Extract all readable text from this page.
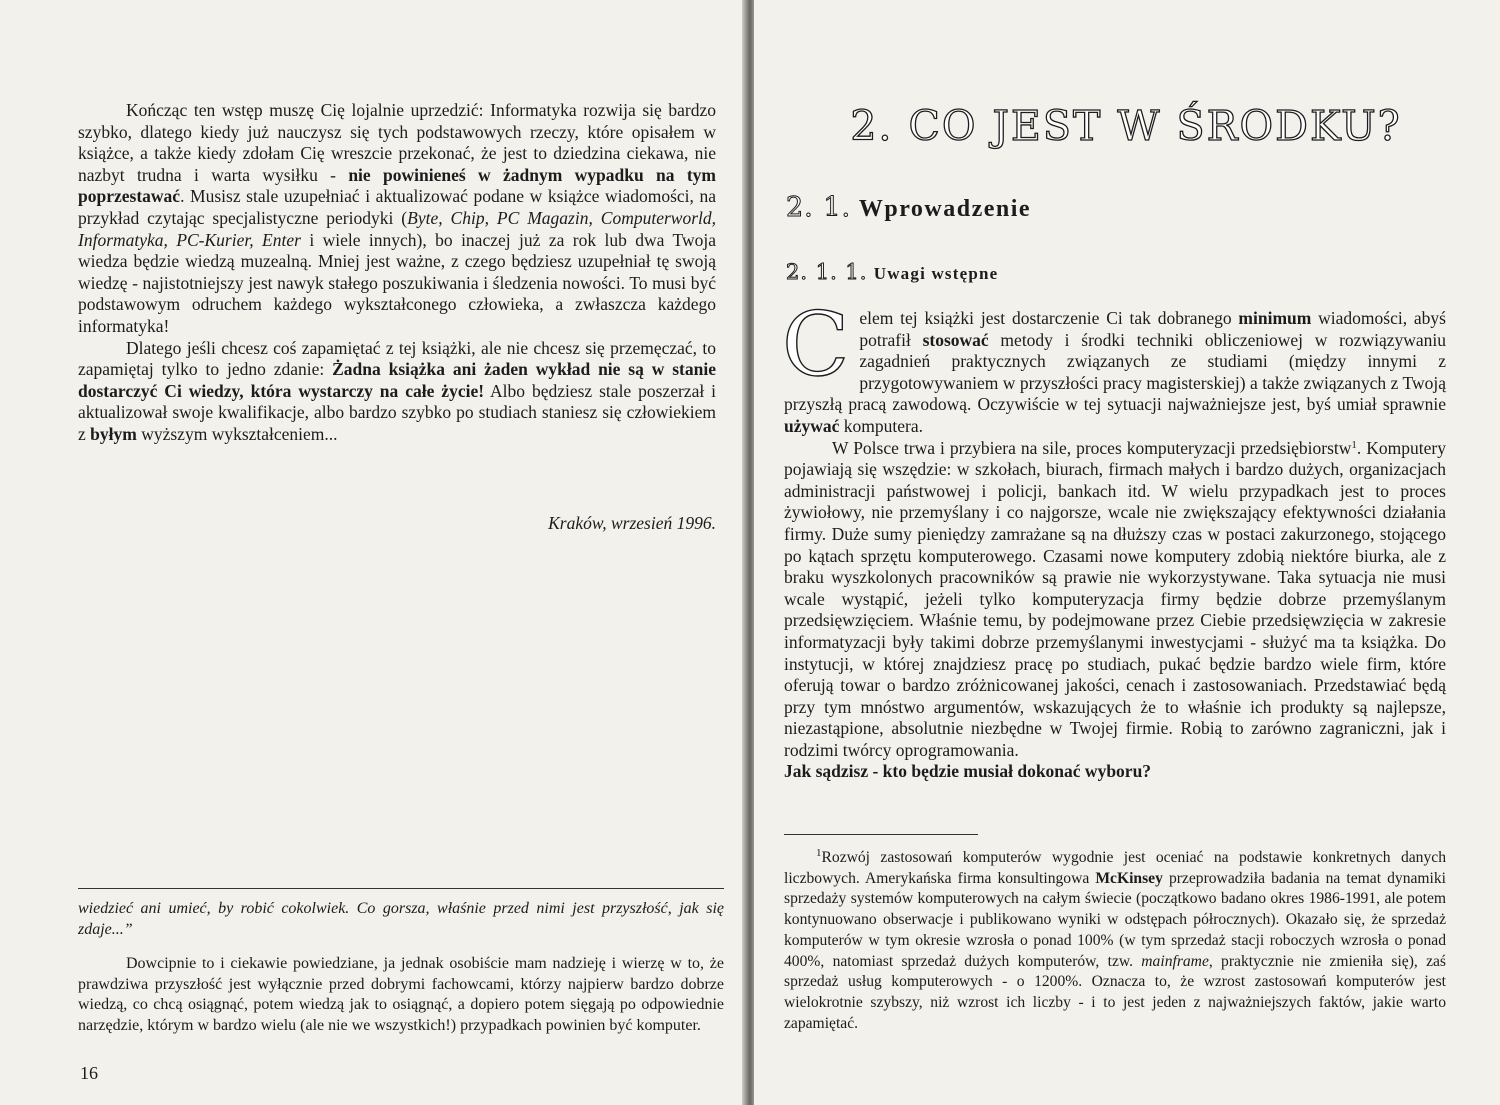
Kończąc ten wstęp muszę Cię lojalnie uprzedzić: Informatyka rozwija się bardzo szybko, dlatego kiedy już nauczysz się tych podstawowych rzeczy, które opisałem w książce, a także kiedy zdołam Cię wreszcie przekonać, że jest to dziedzina ciekawa, nie nazbyt trudna i warta wysiłku - nie powinieneś w żadnym wypadku na tym poprzestawać. Musisz stale uzupełniać i aktualizować podane w książce wiadomości, na przykład czytając specjalistyczne periodyki (Byte, Chip, PC Magazin, Computerworld, Informatyka, PC-Kurier, Enter i wiele innych), bo inaczej już za rok lub dwa Twoja wiedza będzie wiedzą muzealną. Mniej jest ważne, z czego będziesz uzupełniał tę swoją wiedzę - najistotniejszy jest nawyk stałego poszukiwania i śledzenia nowości. To musi być podstawowym odruchem każdego wykształconego człowieka, a zwłaszcza każdego informatyka!

Dlatego jeśli chcesz coś zapamiętać z tej książki, ale nie chcesz się przemęczać, to zapamiętaj tylko to jedno zdanie: Żadna książka ani żaden wykład nie są w stanie dostarczyć Ci wiedzy, która wystarczy na całe życie! Albo będziesz stale poszerzał i aktualizował swoje kwalifikacje, albo bardzo szybko po studiach staniesz się człowiekiem z byłym wyższym wykształceniem...

Kraków, wrzesień 1996.

wiedzieć ani umieć, by robić cokolwiek. Co gorsza, właśnie przed nimi jest przyszłość, jak się zdaje...”

Dowcipnie to i ciekawie powiedziane, ja jednak osobiście mam nadzieję i wierzę w to, że prawdziwa przyszłość jest wyłącznie przed dobrymi fachowcami, którzy najpierw bardzo dobrze wiedzą, co chcą osiągnąć, potem wiedzą jak to osiągnąć, a dopiero potem sięgają po odpowiednie narzędzie, którym w bardzo wielu (ale nie we wszystkich!) przypadkach powinien być komputer.

16
2. CO JEST W ŚRODKU?
2. 1. Wprowadzenie
2. 1. 1. Uwagi wstępne

Celem tej książki jest dostarczenie Ci tak dobranego minimum wiadomości, abyś potrafił stosować metody i środki techniki obliczeniowej w rozwiązywaniu zagadnień praktycznych związanych ze studiami (między innymi z przygotowywaniem w przyszłości pracy magisterskiej) a także związanych z Twoją przyszłą pracą zawodową. Oczywiście w tej sytuacji najważniejsze jest, byś umiał sprawnie używać komputera.

W Polsce trwa i przybiera na sile, proces komputeryzacji przedsiębiorstw$^1$. Komputery pojawiają się wszędzie: w szkołach, biurach, firmach małych i bardzo dużych, organizacjach administracji państwowej i policji, bankach itd. W wielu przypadkach jest to proces żywiołowy, nie przemyślany i co najgorsze, wcale nie zwiększający efektywności działania firmy. Duże sumy pieniędzy zamrażane są na dłuższy czas w postaci zakurzonego, stojącego po kątach sprzętu komputerowego. Czasami nowe komputery zdobią niektóre biurka, ale z braku wyszkolonych pracowników są prawie nie wykorzystywane. Taka sytuacja nie musi wcale wystąpić, jeżeli tylko komputeryzacja firmy będzie dobrze przemyślanym przedsięwzięciem. Właśnie temu, by podejmowane przez Ciebie przedsięwzięcia w zakresie informatyzacji były takimi dobrze przemyślanymi inwestycjami - służyć ma ta książka. Do instytucji, w której znajdziesz pracę po studiach, pukać będzie bardzo wiele firm, które oferują towar o bardzo zróżnicowanej jakości, cenach i zastosowaniach. Przedstawiać będą przy tym mnóstwo argumentów, wskazujących że to właśnie ich produkty są najlepsze, niezastąpione, absolutnie niezbędne w Twojej firmie. Robią to zarówno zagraniczni, jak i rodzimi twórcy oprogramowania.

Jak sądzisz - kto będzie musiał dokonać wyboru?

$^1$Rozwój zastosowań komputerów wygodnie jest oceniać na podstawie konkretnych danych liczbowych. Amerykańska firma konsultingowa McKinsey przeprowadziła badania na temat dynamiki sprzedaży systemów komputerowych na całym świecie (początkowo badano okres 1986-1991, ale potem kontynuowano obserwacje i publikowano wyniki w odstępach półrocznych). Okazało się, że sprzedaż komputerów w tym okresie wzrosła o ponad 100% (w tym sprzedaż stacji roboczych wzrosła o ponad 400%, natomiast sprzedaż dużych komputerów, tzw. mainframe, praktycznie nie zmieniła się), zaś sprzedaż usług komputerowych - o 1200%. Oznacza to, że wzrost zastosowań komputerów jest wielokrotnie szybszy, niż wzrost ich liczby - i to jest jeden z najważniejszych faktów, jakie warto zapamiętać.
